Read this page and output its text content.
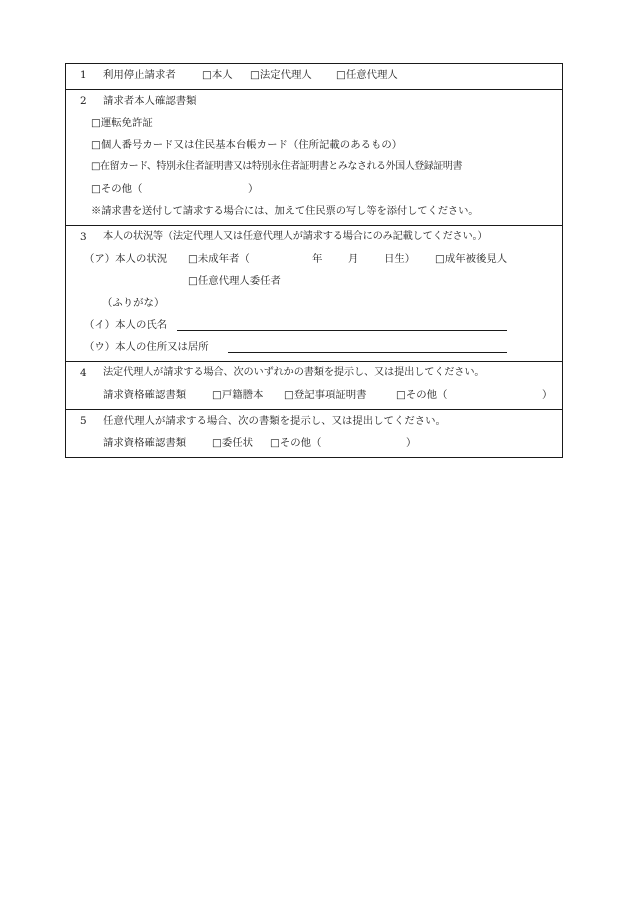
1 利用停止請求者	□本人 □法定代理人 □任意代理人
2 請求者本人確認書類
□運転免許証
□個人番号カード又は住民基本台帳カード（住所記載のあるもの）
□在留カード、特別永住者証明書又は特別永住者証明書とみなされる外国人登録証明書
□その他（	）
※請求書を送付して請求する場合には、加えて住民票の写し等を添付してください。
3 本人の状況等（法定代理人又は任意代理人が請求する場合にのみ記載してください。）
（ア）本人の状況 □未成年者（	年 月 日生） □成年被後見人
□任意代理人委任者
（ふりがな）
（イ）本人の氏名
（ウ）本人の住所又は居所
4 法定代理人が請求する場合、次のいずれかの書類を提示し、又は提出してください。
請求資格確認書類 □戸籍謄本 □登記事項証明書	□その他（	）
5 任意代理人が請求する場合、次の書類を提示し、又は提出してください。
請求資格確認書類 □委任状 □その他（	）
